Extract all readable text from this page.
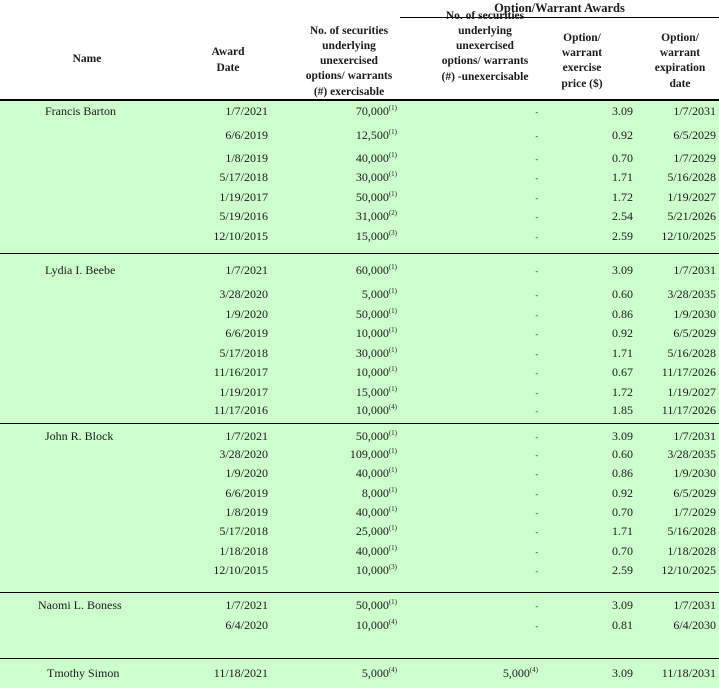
Option/Warrant Awards
Name
Award
Date
No. of securities
underlying
unexercised
options/ warrants
(#) exercisable
No. of securities
underlying
unexercised
options/ warrants
(#) -unexercisable
Option/
warrant
exercise
price ($)
Option/
warrant
expiration
date
Francis Barton	1/7/2021	70,000$^{(1)}$	-	3.09	1/7/2031
6/6/2019	12,500$^{(1)}$	-	0.92	6/5/2029
1/8/2019	40,000$^{(1)}$	-	0.70	1/7/2029
5/17/2018	30,000$^{(1)}$	-	1.71	5/16/2028
1/19/2017	50,000$^{(1)}$	-	1.72	1/19/2027
5/19/2016	31,000$^{(2)}$	-	2.54	5/21/2026
12/10/2015	15,000$^{(3)}$	-	2.59 12/10/2025
Lydia I. Beebe	1/7/2021	60,000$^{(1)}$	-	3.09	1/7/2031
3/28/2020	5,000$^{(1)}$	-	0.60	3/28/2035
1/9/2020	50,000$^{(1)}$	-	0.86	1/9/2030
6/6/2019	10,000$^{(1)}$	-	0.92	6/5/2029
5/17/2018	30,000$^{(1)}$	-	1.71	5/16/2028
11/16/2017	10,000$^{(1)}$	-	0.67 11/17/2026
1/19/2017	15,000$^{(1)}$	-	1.72	1/19/2027
11/17/2016	10,000$^{(4)}$	-	1.85 11/17/2026
John R. Block	1/7/2021	50,000$^{(1)}$	-	3.09	1/7/2031
3/28/2020	109,000$^{(1)}$	-	0.60	3/28/2035
1/9/2020	40,000$^{(1)}$	-	0.86	1/9/2030
6/6/2019	8,000$^{(1)}$	-	0.92	6/5/2029
1/8/2019	40,000$^{(1)}$	-	0.70	1/7/2029
5/17/2018	25,000$^{(1)}$	-	1.71	5/16/2028
1/18/2018	40,000$^{(1)}$	-	0.70	1/18/2028
12/10/2015	10,000$^{(3)}$	-	2.59 12/10/2025
Naomi L. Boness	1/7/2021	50,000$^{(1)}$	-	3.09	1/7/2031
6/4/2020	10,000$^{(4)}$	-	0.81	6/4/2030
Tmothy Simon	11/18/2021	5,000$^{(4)}$	5,000$^{(4)}$	3.09 11/18/2031
